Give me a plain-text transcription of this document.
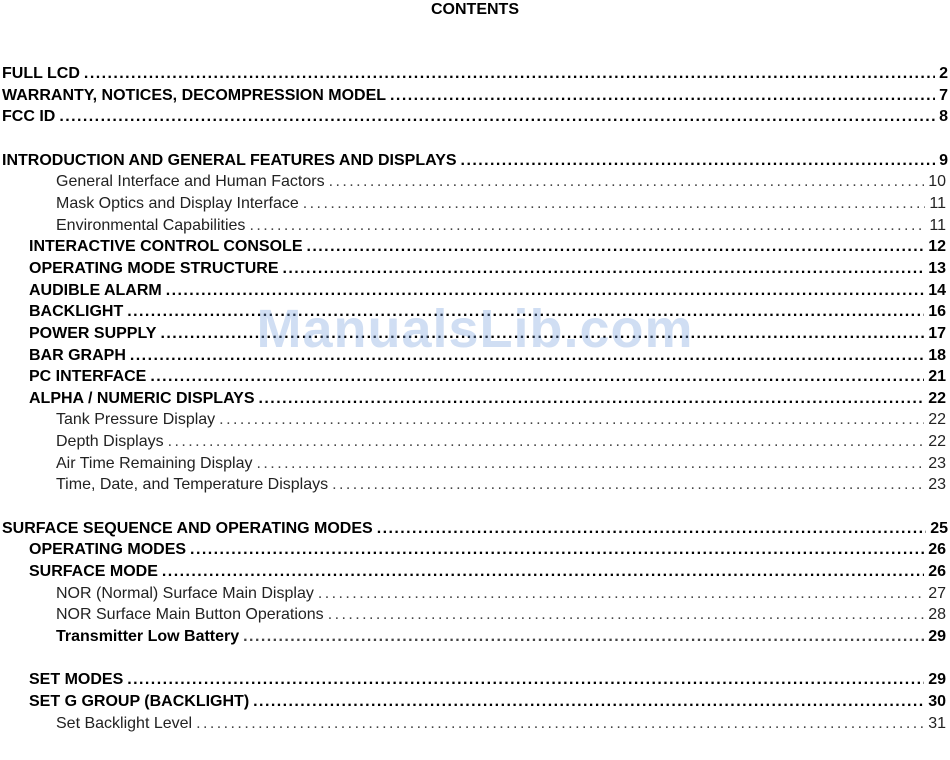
CONTENTS
FULL LCD . . .	2
WARRANTY, NOTICES, DECOMPRESSION MODEL . . .	7
FCC ID . . .	8
INTRODUCTION AND GENERAL FEATURES AND DISPLAYS . . .	9
General Interface and Human Factors . . .	10
Mask Optics and Display Interface . . .	11
Environmental Capabilities . . .	11
INTERACTIVE CONTROL CONSOLE . . .	12
OPERATING MODE STRUCTURE . . .	13
AUDIBLE ALARM . . .	14
BACKLIGHT . . .	16
POWER SUPPLY . . .	17
BAR GRAPH . . .	18
PC INTERFACE . . .	21
ALPHA / NUMERIC DISPLAYS . . .	22
Tank Pressure Display . . .	22
Depth Displays . . .	22
Air Time Remaining Display . . .	23
Time, Date, and Temperature Displays . . .	23
SURFACE SEQUENCE AND OPERATING MODES . . .	25
OPERATING MODES . . .	26
SURFACE MODE . . .	26
NOR (Normal) Surface Main Display . . .	27
NOR Surface Main Button Operations . . .	28
Transmitter Low Battery . . .	29
SET MODES . . .	29
SET G GROUP (BACKLIGHT) . . .	30
Set Backlight Level . . .	31
ManualsLib.com
